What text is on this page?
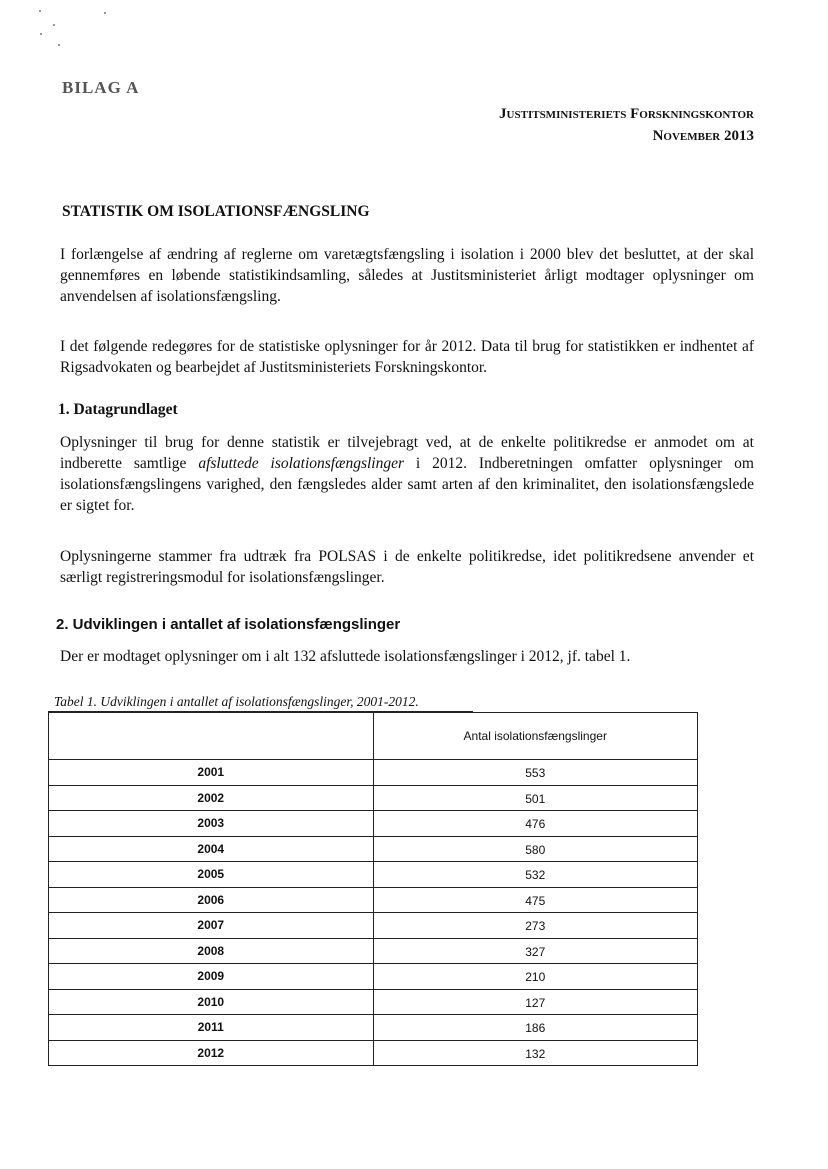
BILAG A
Justitsministeriets Forskningskontor
November 2013
STATISTIK OM ISOLATIONSFÆNGSLING
I forlængelse af ændring af reglerne om varetægtsfængsling i isolation i 2000 blev det besluttet, at der skal gennemføres en løbende statistikindsamling, således at Justitsministeriet årligt modtager oplysninger om anvendelsen af isolationsfængsling.
I det følgende redegøres for de statistiske oplysninger for år 2012. Data til brug for statistikken er indhentet af Rigsadvokaten og bearbejdet af Justitsministeriets Forskningskontor.
1. Datagrundlaget
Oplysninger til brug for denne statistik er tilvejebragt ved, at de enkelte politikredse er anmodet om at indberette samtlige afsluttede isolationsfængslinger i 2012. Indberetningen omfatter oplysninger om isolationsfængslingens varighed, den fængsledes alder samt arten af den kriminalitet, den isolationsfængslede er sigtet for.
Oplysningerne stammer fra udtræk fra POLSAS i de enkelte politikredse, idet politikredsene anvender et særligt registreringsmodul for isolationsfængslinger.
2. Udviklingen i antallet af isolationsfængslinger
Der er modtaget oplysninger om i alt 132 afsluttede isolationsfængslinger i 2012, jf. tabel 1.
Tabel 1. Udviklingen i antallet af isolationsfængslinger, 2001-2012.
	Antal isolationsfængslinger
2001	553
2002	501
2003	476
2004	580
2005	532
2006	475
2007	273
2008	327
2009	210
2010	127
2011	186
2012	132
